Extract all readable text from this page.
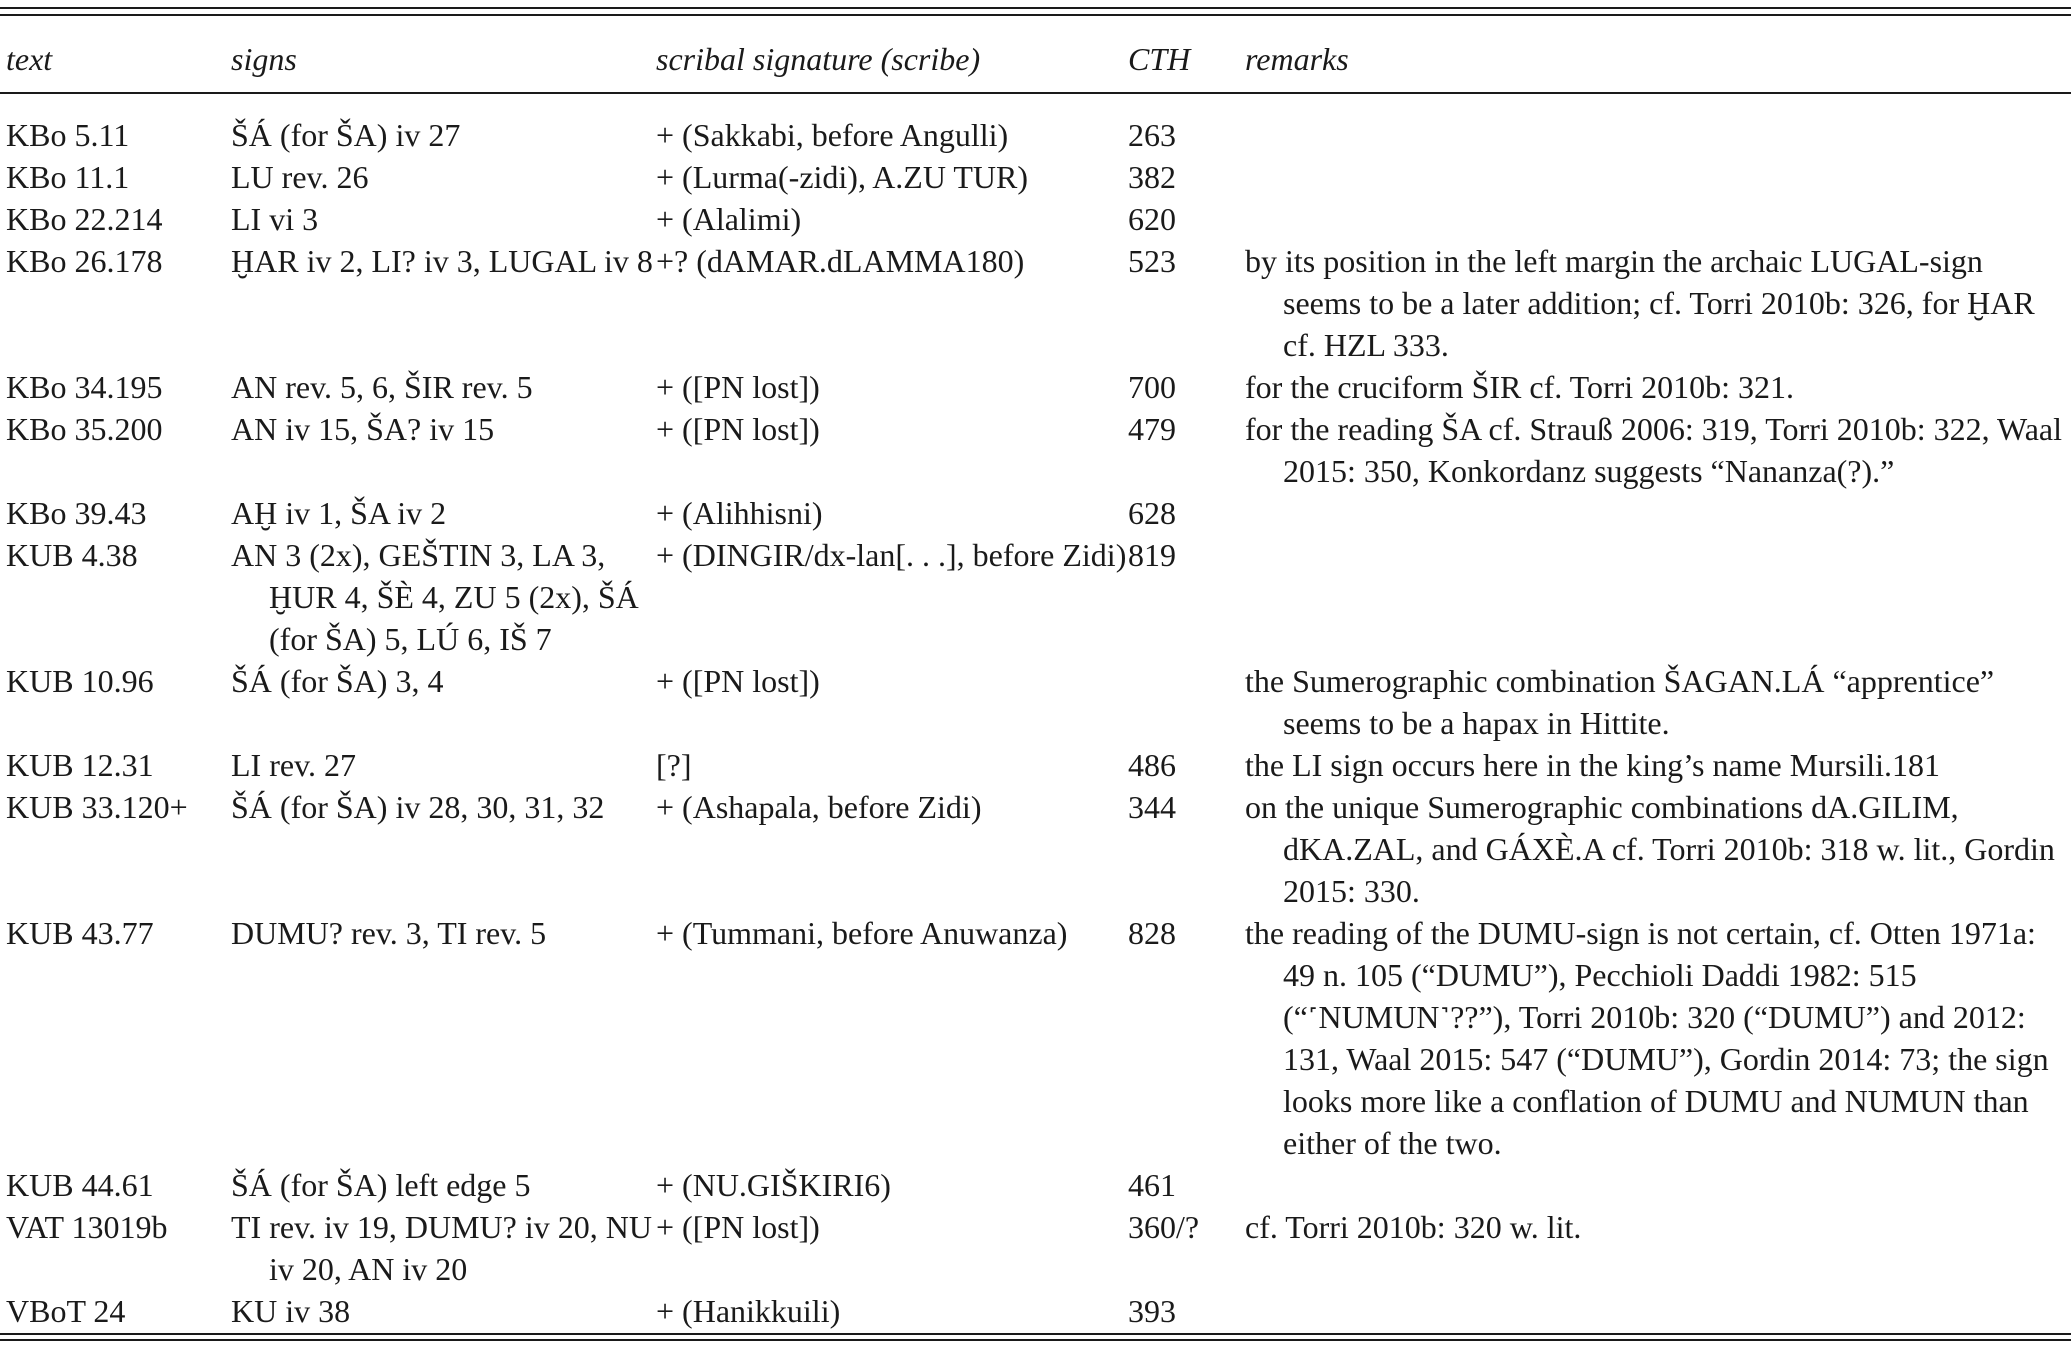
text	signs	scribal signature (scribe)	CTH	remarks
KBo 5.11	ŠÁ (for ŠA) iv 27	+ (Sakkabi, before Angulli)	263	
KBo 11.1	LU rev. 26	+ (Lurma(-zidi), A.ZU TUR)	382	
KBo 22.214	LI vi 3	+ (Alalimi)	620	
KBo 26.178	ḪAR iv 2, LI? iv 3, LUGAL iv 8	+? (dAMAR.dLAMMA180)	523	by its position in the left margin the archaic LUGAL-sign seems to be a later addition; cf. Torri 2010b: 326, for ḪAR cf. HZL 333.
KBo 34.195	AN rev. 5, 6, ŠIR rev. 5	+ ([PN lost])	700	for the cruciform ŠIR cf. Torri 2010b: 321.
KBo 35.200	AN iv 15, ŠA? iv 15	+ ([PN lost])	479	for the reading ŠA cf. Strauß 2006: 319, Torri 2010b: 322, Waal 2015: 350, Konkordanz suggests “Nananza(?).”
KBo 39.43	AḪ iv 1, ŠA iv 2	+ (Alihhisni)	628	
KUB 4.38	AN 3 (2x), GEŠTIN 3, LA 3, ḪUR 4, ŠÈ 4, ZU 5 (2x), ŠÁ (for ŠA) 5, LÚ 6, IŠ 7	+ (DINGIR/dx-lan[. . .], before Zidi)	819	
KUB 10.96	ŠÁ (for ŠA) 3, 4	+ ([PN lost])		the Sumerographic combination ŠAGAN.LÁ “apprentice” seems to be a hapax in Hittite.
KUB 12.31	LI rev. 27	[?]	486	the LI sign occurs here in the king’s name Mursili.181
KUB 33.120+	ŠÁ (for ŠA) iv 28, 30, 31, 32	+ (Ashapala, before Zidi)	344	on the unique Sumerographic combinations dA.GILIM, dKA.ZAL, and GÁXÈ.A cf. Torri 2010b: 318 w. lit., Gordin 2015: 330.
KUB 43.77	DUMU? rev. 3, TI rev. 5	+ (Tummani, before Anuwanza)	828	the reading of the DUMU-sign is not certain, cf. Otten 1971a: 49 n. 105 (“DUMU”), Pecchioli Daddi 1982: 515 (“˹NUMUN˺??”), Torri 2010b: 320 (“DUMU”) and 2012: 131, Waal 2015: 547 (“DUMU”), Gordin 2014: 73; the sign looks more like a conflation of DUMU and NUMUN than either of the two.
KUB 44.61	ŠÁ (for ŠA) left edge 5	+ (NU.GIŠKIRI6)	461	
VAT 13019b	TI rev. iv 19, DUMU? iv 20, NU iv 20, AN iv 20	+ ([PN lost])	360/?	cf. Torri 2010b: 320 w. lit.
VBoT 24	KU iv 38	+ (Hanikkuili)	393	
